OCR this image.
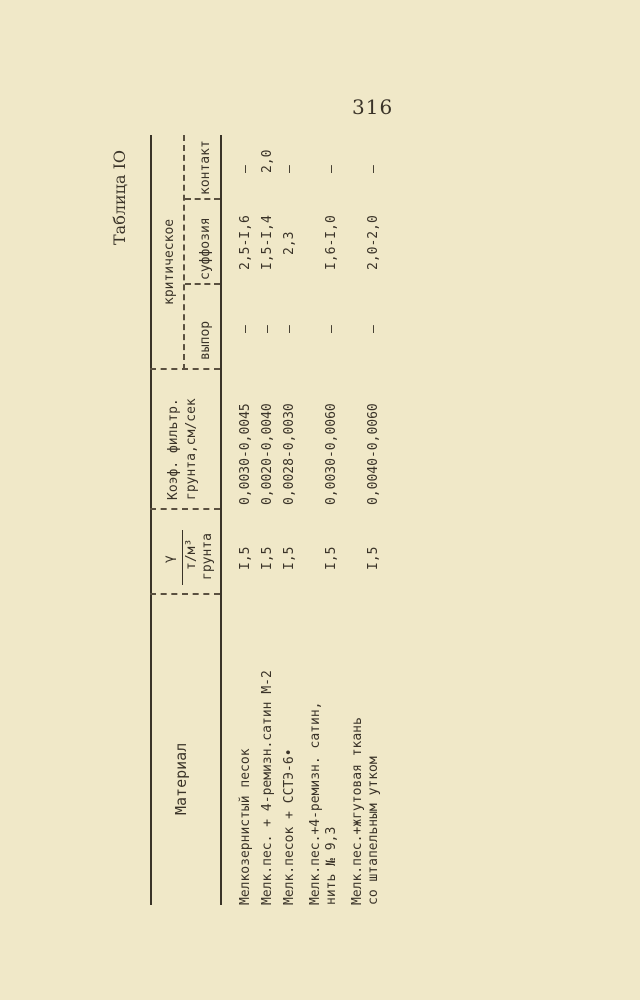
316
Таблица IO
Материал
γ т/м³ грунта
Коэф. фильтр. грунта,см/сек
критическое
выпор
суффозия
контакт
Мелкозернистый песок
I,5
0,0030-0,0045
–
2,5-I,6
–
Мелк.пес. + 4-ремизн.сатин М-2
I,5
0,0020-0,0040
–
I,5-I,4
2,0
Мелк.песок + ССТЭ-6•
I,5
0,0028-0,0030
–
2,3
–
Мелк.пес.+4-ремизн. сатин, нить № 9,3
I,5
0,0030-0,0060
–
I,6-I,0
–
Мелк.пес.+жгутовая ткань со штапельным утком
I,5
0,0040-0,0060
–
2,0-2,0
–
